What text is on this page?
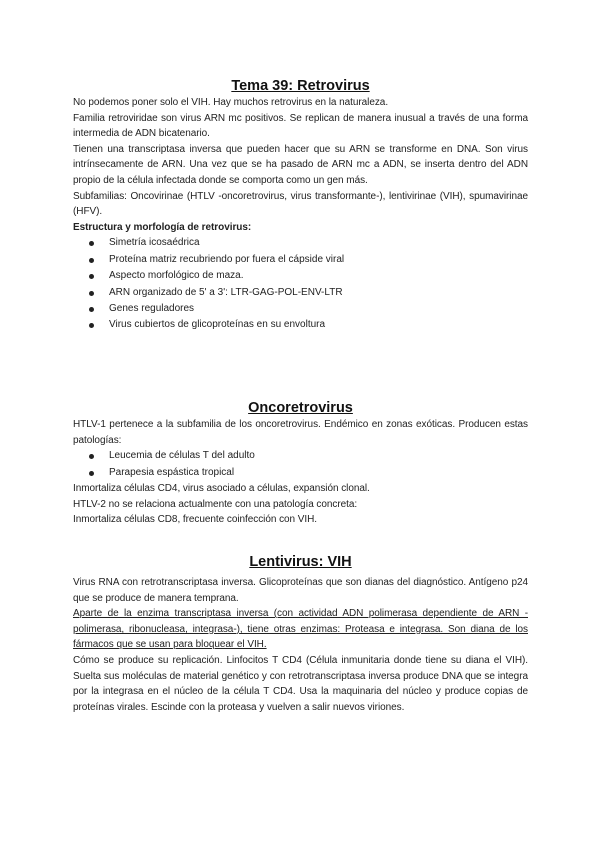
Tema 39: Retrovirus

No podemos poner solo el VIH. Hay muchos retrovirus en la naturaleza.

Familia retroviridae son virus ARN mc positivos. Se replican de manera inusual a través de una forma intermedia de ADN bicatenario.

Tienen una transcriptasa inversa que pueden hacer que su ARN se transforme en DNA. Son virus intrínsecamente de ARN. Una vez que se ha pasado de ARN mc a ADN, se inserta dentro del ADN propio de la célula infectada donde se comporta como un gen más.

Subfamilias: Oncovirinae (HTLV -oncoretrovirus, virus transformante-), lentivirinae (VIH), spumavirinae (HFV).

Estructura y morfología de retrovirus:

Simetría icosaédrica
Proteína matriz recubriendo por fuera el cápside viral
Aspecto morfológico de maza.
ARN organizado de 5' a 3': LTR-GAG-POL-ENV-LTR
Genes reguladores
Virus cubiertos de glicoproteínas en su envoltura
Oncoretrovirus

HTLV-1 pertenece a la subfamilia de los oncoretrovirus. Endémico en zonas exóticas. Producen estas patologías:

Leucemia de células T del adulto
Parapesia espástica tropical

Inmortaliza células CD4, virus asociado a células, expansión clonal.

HTLV-2 no se relaciona actualmente con una patología concreta:

Inmortaliza células CD8, frecuente coinfección con VIH.

Lentivirus: VIH

Virus RNA con retrotranscriptasa inversa. Glicoproteínas que son dianas del diagnóstico. Antígeno p24 que se produce de manera temprana.

Aparte de la enzima transcriptasa inversa (con actividad ADN polimerasa dependiente de ARN -polimerasa, ribonucleasa, integrasa-), tiene otras enzimas: Proteasa e integrasa. Son diana de los fármacos que se usan para bloquear el VIH.

Cómo se produce su replicación. Linfocitos T CD4 (Célula inmunitaria donde tiene su diana el VIH). Suelta sus moléculas de material genético y con retrotranscriptasa inversa produce DNA que se integra por la integrasa en el núcleo de la célula T CD4. Usa la maquinaria del núcleo y produce copias de proteínas virales. Escinde con la proteasa y vuelven a salir nuevos viriones.
